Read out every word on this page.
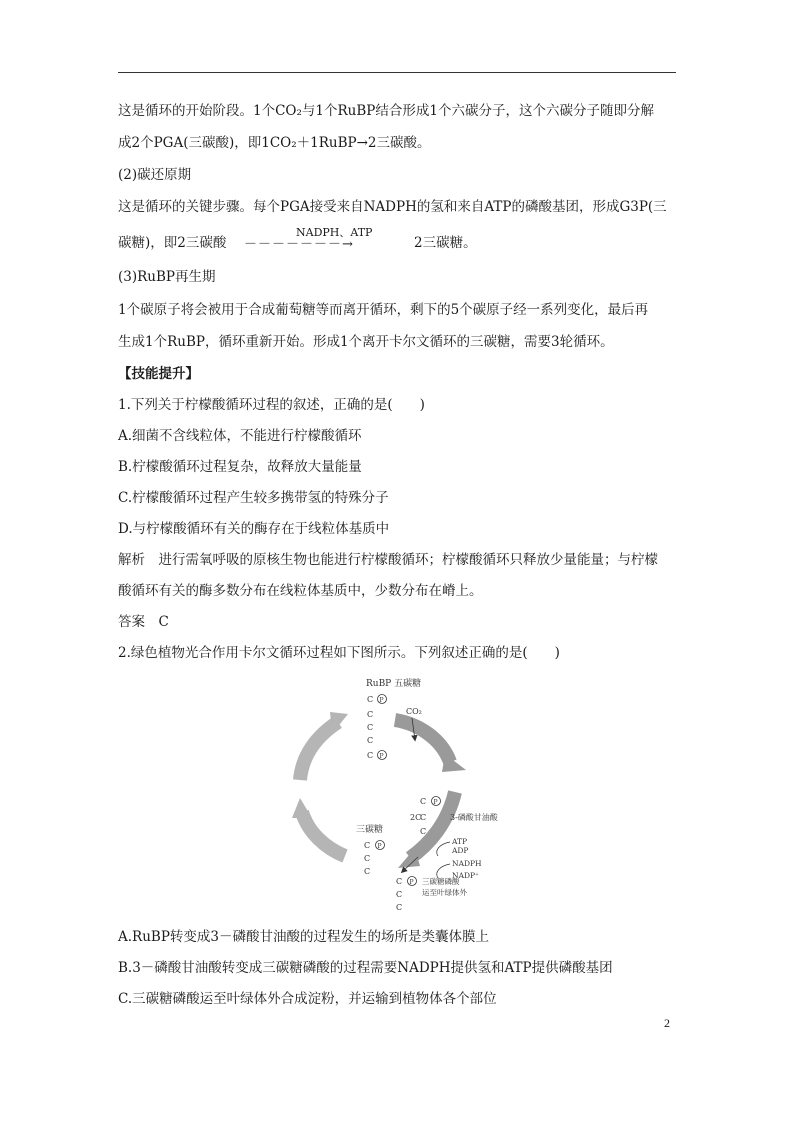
这是循环的开始阶段。1个CO₂与1个RuBP结合形成1个六碳分子，这个六碳分子随即分解
成2个PGA(三碳酸)，即1CO₂＋1RuBP→2三碳酸。
(2)碳还原期
这是循环的关键步骤。每个PGA接受来自NADPH的氢和来自ATP的磷酸基团，形成G3P(三
碳糖)，即2三碳酸
NADPH、ATP
－－－－－－－→	2三碳糖。
(3)RuBP再生期
1个碳原子将会被用于合成葡萄糖等而离开循环，剩下的5个碳原子经一系列变化，最后再
生成1个RuBP，循环重新开始。形成1个离开卡尔文循环的三碳糖，需要3轮循环。
【技能提升】
1.下列关于柠檬酸循环过程的叙述，正确的是(　　)
A.细菌不含线粒体，不能进行柠檬酸循环
B.柠檬酸循环过程复杂，故释放大量能量
C.柠檬酸循环过程产生较多携带氢的特殊分子
D.与柠檬酸循环有关的酶存在于线粒体基质中
解析　进行需氧呼吸的原核生物也能进行柠檬酸循环；柠檬酸循环只释放少量能量；与柠檬
酸循环有关的酶多数分布在线粒体基质中，少数分布在嵴上。
答案　C
2.绿色植物光合作用卡尔文循环过程如下图所示。下列叙述正确的是(　　)
RuBP 五碳糖
C P
C
C
C
C P
CO₂
C P
2C
C
C
3-磷酸甘油酸
ATP
ADP
NADPH
NADP⁺
三碳糖
C P
C
C
C P
C
C
三碳糖磷酸
运至叶绿体外
A.RuBP转变成3－磷酸甘油酸的过程发生的场所是类囊体膜上
B.3－磷酸甘油酸转变成三碳糖磷酸的过程需要NADPH提供氢和ATP提供磷酸基团
C.三碳糖磷酸运至叶绿体外合成淀粉，并运输到植物体各个部位
2
